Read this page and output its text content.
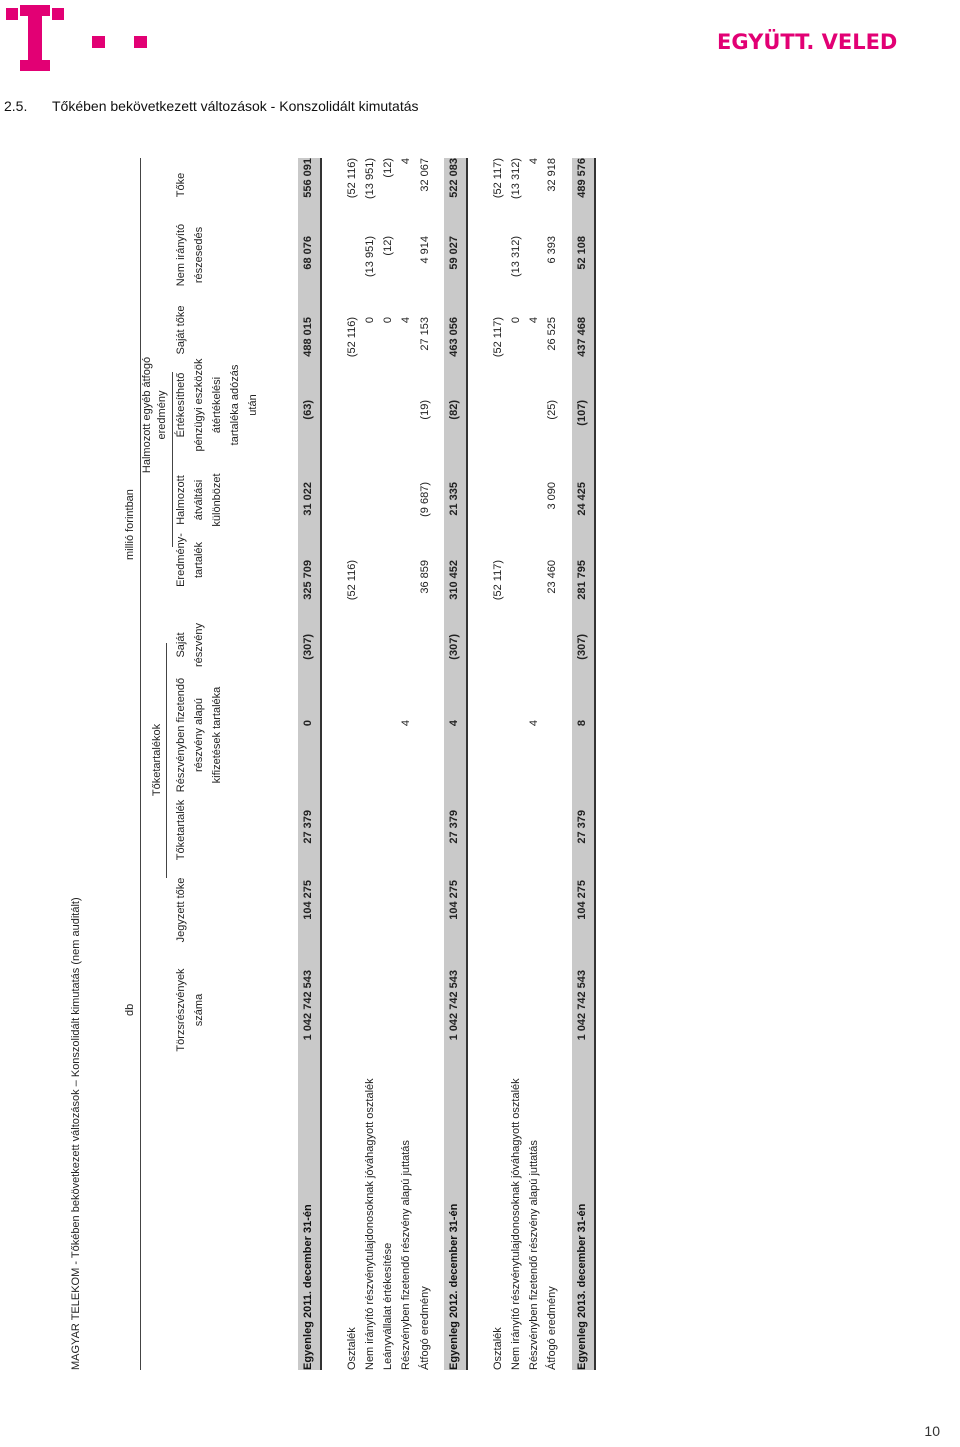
EGYÜTT. VELED
2.5. Tőkében bekövetkezett változások - Konszolidált kimutatás
MAGYAR TELEKOM - Tőkében bekövetkezett változások – Konszolidált kimutatás (nem auditált)	db
millió forintban
Tőketartalékok
Halmozott egyéb átfogó eredmény
Törzsrészvények száma
Jegyzett tőke
Tőketartalék
Részvényben fizetendő részvény alapú kifizetések tartaléka
Saját részvény
Eredmény- tartalék
Halmozott átváltási különbözet
Értékesíthető pénzügyi eszközök átértékelési tartaléka adózás után
Saját tőke
Nem irányító részesedés
Tőke
Egyenleg 2011. december 31-én
1 042 742 543
104 275
27 379
0
(307)
325 709
31 022
(63)
488 015
68 076
556 091
Osztalék
(52 116)
(52 116)
(52 116)
Nem irányító részvénytulajdonosoknak jóváhagyott osztalék
0
(13 951)
(13 951)
Leányvállalat értékesítése
0
(12)
(12)
Részvényben fizetendő részvény alapú juttatás
4
4
4
Átfogó eredmény
36 859
(9 687)
(19)
27 153
4 914
32 067
Egyenleg 2012. december 31-én
1 042 742 543
104 275
27 379
4
(307)
310 452
21 335
(82)
463 056
59 027
522 083
Osztalék
(52 117)
(52 117)
(52 117)
Nem irányító részvénytulajdonosoknak jóváhagyott osztalék
0
(13 312)
(13 312)
Részvényben fizetendő részvény alapú juttatás
4
4
4
Átfogó eredmény
23 460
3 090
(25)
26 525
6 393
32 918
Egyenleg 2013. december 31-én
1 042 742 543
104 275
27 379
8
(307)
281 795
24 425
(107)
437 468
52 108
489 576
10
